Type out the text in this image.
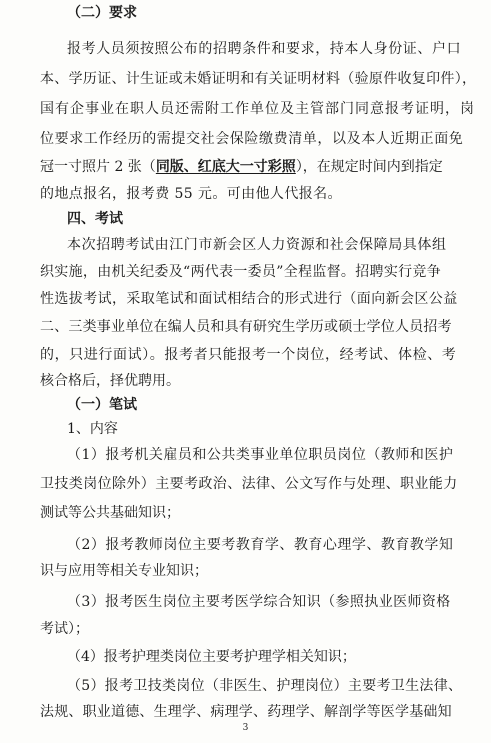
（二）要求
报考人员须按照公布的招聘条件和要求，持本人身份证、户口
本、学历证、计生证或未婚证明和有关证明材料（验原件收复印件），
国有企事业在职人员还需附工作单位及主管部门同意报考证明，岗
位要求工作经历的需提交社会保险缴费清单，以及本人近期正面免
冠一寸照片 2 张（同版、红底大一寸彩照），在规定时间内到指定
的地点报名，报考费 55 元。可由他人代报名。
四、考试
本次招聘考试由江门市新会区人力资源和社会保障局具体组
织实施，由机关纪委及“两代表一委员”全程监督。招聘实行竞争
性选拔考试，采取笔试和面试相结合的形式进行（面向新会区公益
二、三类事业单位在编人员和具有研究生学历或硕士学位人员招考
的，只进行面试）。报考者只能报考一个岗位，经考试、体检、考
核合格后，择优聘用。
（一）笔试
1、内容
（1）报考机关雇员和公共类事业单位职员岗位（教师和医护
卫技类岗位除外）主要考政治、法律、公文写作与处理、职业能力
测试等公共基础知识；
（2）报考教师岗位主要考教育学、教育心理学、教育教学知
识与应用等相关专业知识；
（3）报考医生岗位主要考医学综合知识（参照执业医师资格
考试）；
（4）报考护理类岗位主要考护理学相关知识；
（5）报考卫技类岗位（非医生、护理岗位）主要考卫生法律、
法规、职业道德、生理学、病理学、药理学、解剖学等医学基础知
3
